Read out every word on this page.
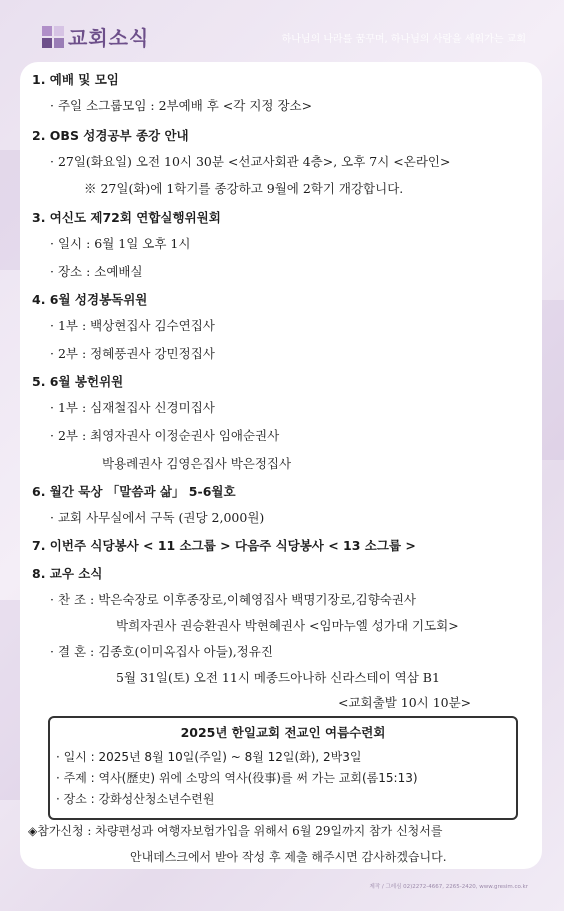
교회소식	하나님의 나라를 꿈꾸며, 하나님의 사람을 세워가는 교회
1. 예배 및 모임
· 주일 소그룹모임 : 2부예배 후 <각 지정 장소>
2. OBS 성경공부 종강 안내
· 27일(화요일) 오전 10시 30분 <선교사회관 4층>, 오후 7시 <온라인>
※ 27일(화)에 1학기를 종강하고 9월에 2학기 개강합니다.
3. 여신도 제72회 연합실행위원회
· 일시 : 6월 1일 오후 1시
· 장소 : 소예배실
4. 6월 성경봉독위원
· 1부 : 백상현집사 김수연집사
· 2부 : 정혜풍권사 강민정집사
5. 6월 봉헌위원
· 1부 : 심재철집사 신경미집사
· 2부 : 최영자권사 이정순권사 임애순권사
박용례권사 김영은집사 박은정집사
6. 월간 묵상 「말씀과 삶」 5-6월호
· 교회 사무실에서 구독 (권당 2,000원)
7. 이번주 식당봉사 < 11 소그룹 > 다음주 식당봉사 < 13 소그룹 >
8. 교우 소식
· 찬 조 : 박은숙장로 이후종장로,이혜영집사 백명기장로,김향숙권사
박희자권사 권승환권사 박현혜권사 <임마누엘 성가대 기도회>
· 결 혼 : 김종호(이미옥집사 아들),정유진
5월 31일(토) 오전 11시 메종드아나하 신라스테이 역삼 B1
<교회출발 10시 10분>
2025년 한일교회 전교인 여름수련회
· 일시 : 2025년 8월 10일(주일) ~ 8월 12일(화), 2박3일
· 주제 : 역사(歷史) 위에 소망의 역사(役事)를 써 가는 교회(롬15:13)
· 장소 : 강화성산청소년수련원
◈참가신청 : 차량편성과 여행자보험가입을 위해서 6월 29일까지 참가 신청서를
안내데스크에서 받아 작성 후 제출 해주시면 감사하겠습니다.
제작 / 그레심 02)2272-4667, 2265-2420, www.gresim.co.kr
